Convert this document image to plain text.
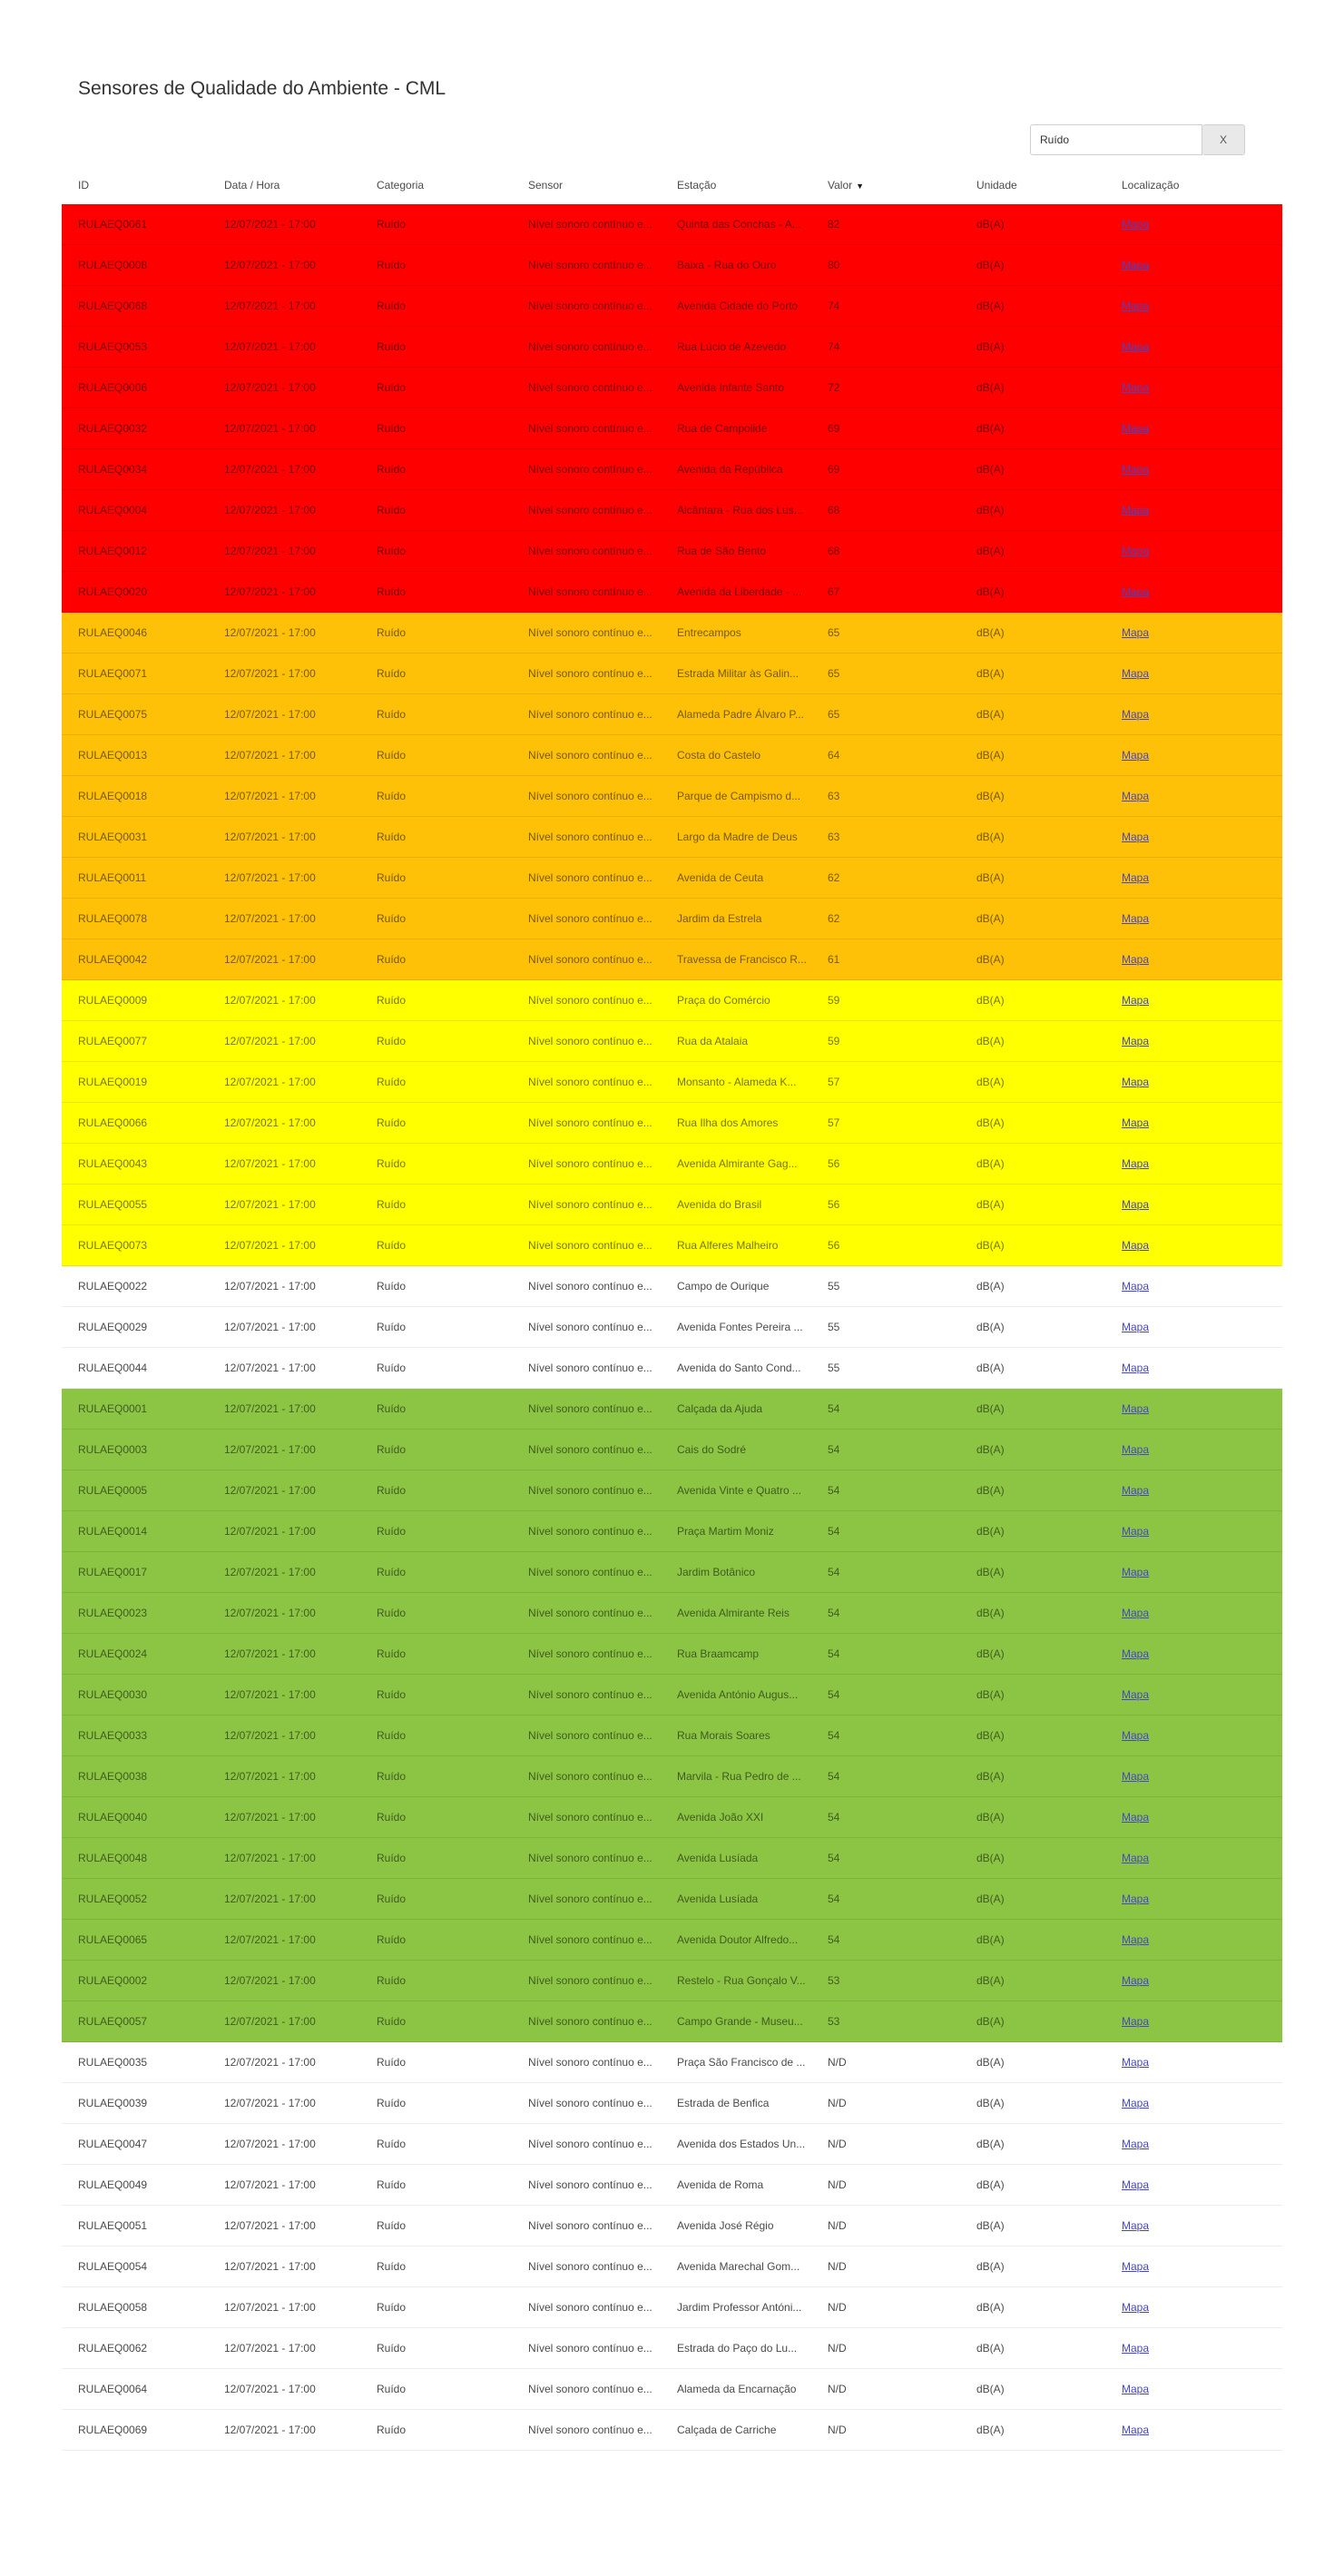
Sensores de Qualidade do Ambiente - CML
Ruído
X
ID	Data / Hora	Categoria	Sensor	Estação	Valor ▼	Unidade	Localização
RULAEQ0061	12/07/2021 - 17:00	Ruído	Nível sonoro contínuo e...	Quinta das Conchas - A...	82	dB(A)	Mapa
RULAEQ0008	12/07/2021 - 17:00	Ruído	Nível sonoro contínuo e...	Baixa - Rua do Ouro	80	dB(A)	Mapa
RULAEQ0068	12/07/2021 - 17:00	Ruído	Nível sonoro contínuo e...	Avenida Cidade do Porto	74	dB(A)	Mapa
RULAEQ0053	12/07/2021 - 17:00	Ruído	Nível sonoro contínuo e...	Rua Lúcio de Azevedo	74	dB(A)	Mapa
RULAEQ0006	12/07/2021 - 17:00	Ruído	Nível sonoro contínuo e...	Avenida Infante Santo	72	dB(A)	Mapa
RULAEQ0032	12/07/2021 - 17:00	Ruído	Nível sonoro contínuo e...	Rua de Campolide	69	dB(A)	Mapa
RULAEQ0034	12/07/2021 - 17:00	Ruído	Nível sonoro contínuo e...	Avenida da República	69	dB(A)	Mapa
RULAEQ0004	12/07/2021 - 17:00	Ruído	Nível sonoro contínuo e...	Alcântara - Rua dos Lus...	68	dB(A)	Mapa
RULAEQ0012	12/07/2021 - 17:00	Ruído	Nível sonoro contínuo e...	Rua de São Bento	68	dB(A)	Mapa
RULAEQ0020	12/07/2021 - 17:00	Ruído	Nível sonoro contínuo e...	Avenida da Liberdade - ...	67	dB(A)	Mapa
RULAEQ0046	12/07/2021 - 17:00	Ruído	Nível sonoro contínuo e...	Entrecampos	65	dB(A)	Mapa
RULAEQ0071	12/07/2021 - 17:00	Ruído	Nível sonoro contínuo e...	Estrada Militar às Galin...	65	dB(A)	Mapa
RULAEQ0075	12/07/2021 - 17:00	Ruído	Nível sonoro contínuo e...	Alameda Padre Álvaro P...	65	dB(A)	Mapa
RULAEQ0013	12/07/2021 - 17:00	Ruído	Nível sonoro contínuo e...	Costa do Castelo	64	dB(A)	Mapa
RULAEQ0018	12/07/2021 - 17:00	Ruído	Nível sonoro contínuo e...	Parque de Campismo d...	63	dB(A)	Mapa
RULAEQ0031	12/07/2021 - 17:00	Ruído	Nível sonoro contínuo e...	Largo da Madre de Deus	63	dB(A)	Mapa
RULAEQ0011	12/07/2021 - 17:00	Ruído	Nível sonoro contínuo e...	Avenida de Ceuta	62	dB(A)	Mapa
RULAEQ0078	12/07/2021 - 17:00	Ruído	Nível sonoro contínuo e...	Jardim da Estrela	62	dB(A)	Mapa
RULAEQ0042	12/07/2021 - 17:00	Ruído	Nível sonoro contínuo e...	Travessa de Francisco R...	61	dB(A)	Mapa
RULAEQ0009	12/07/2021 - 17:00	Ruído	Nível sonoro contínuo e...	Praça do Comércio	59	dB(A)	Mapa
RULAEQ0077	12/07/2021 - 17:00	Ruído	Nível sonoro contínuo e...	Rua da Atalaia	59	dB(A)	Mapa
RULAEQ0019	12/07/2021 - 17:00	Ruído	Nível sonoro contínuo e...	Monsanto - Alameda K...	57	dB(A)	Mapa
RULAEQ0066	12/07/2021 - 17:00	Ruído	Nível sonoro contínuo e...	Rua Ilha dos Amores	57	dB(A)	Mapa
RULAEQ0043	12/07/2021 - 17:00	Ruído	Nível sonoro contínuo e...	Avenida Almirante Gag...	56	dB(A)	Mapa
RULAEQ0055	12/07/2021 - 17:00	Ruído	Nível sonoro contínuo e...	Avenida do Brasil	56	dB(A)	Mapa
RULAEQ0073	12/07/2021 - 17:00	Ruído	Nível sonoro contínuo e...	Rua Alferes Malheiro	56	dB(A)	Mapa
RULAEQ0022	12/07/2021 - 17:00	Ruído	Nível sonoro contínuo e...	Campo de Ourique	55	dB(A)	Mapa
RULAEQ0029	12/07/2021 - 17:00	Ruído	Nível sonoro contínuo e...	Avenida Fontes Pereira ...	55	dB(A)	Mapa
RULAEQ0044	12/07/2021 - 17:00	Ruído	Nível sonoro contínuo e...	Avenida do Santo Cond...	55	dB(A)	Mapa
RULAEQ0001	12/07/2021 - 17:00	Ruído	Nível sonoro contínuo e...	Calçada da Ajuda	54	dB(A)	Mapa
RULAEQ0003	12/07/2021 - 17:00	Ruído	Nível sonoro contínuo e...	Cais do Sodré	54	dB(A)	Mapa
RULAEQ0005	12/07/2021 - 17:00	Ruído	Nível sonoro contínuo e...	Avenida Vinte e Quatro ...	54	dB(A)	Mapa
RULAEQ0014	12/07/2021 - 17:00	Ruído	Nível sonoro contínuo e...	Praça Martim Moniz	54	dB(A)	Mapa
RULAEQ0017	12/07/2021 - 17:00	Ruído	Nível sonoro contínuo e...	Jardim Botânico	54	dB(A)	Mapa
RULAEQ0023	12/07/2021 - 17:00	Ruído	Nível sonoro contínuo e...	Avenida Almirante Reis	54	dB(A)	Mapa
RULAEQ0024	12/07/2021 - 17:00	Ruído	Nível sonoro contínuo e...	Rua Braamcamp	54	dB(A)	Mapa
RULAEQ0030	12/07/2021 - 17:00	Ruído	Nível sonoro contínuo e...	Avenida António Augus...	54	dB(A)	Mapa
RULAEQ0033	12/07/2021 - 17:00	Ruído	Nível sonoro contínuo e...	Rua Morais Soares	54	dB(A)	Mapa
RULAEQ0038	12/07/2021 - 17:00	Ruído	Nível sonoro contínuo e...	Marvila - Rua Pedro de ...	54	dB(A)	Mapa
RULAEQ0040	12/07/2021 - 17:00	Ruído	Nível sonoro contínuo e...	Avenida João XXI	54	dB(A)	Mapa
RULAEQ0048	12/07/2021 - 17:00	Ruído	Nível sonoro contínuo e...	Avenida Lusíada	54	dB(A)	Mapa
RULAEQ0052	12/07/2021 - 17:00	Ruído	Nível sonoro contínuo e...	Avenida Lusíada	54	dB(A)	Mapa
RULAEQ0065	12/07/2021 - 17:00	Ruído	Nível sonoro contínuo e...	Avenida Doutor Alfredo...	54	dB(A)	Mapa
RULAEQ0002	12/07/2021 - 17:00	Ruído	Nível sonoro contínuo e...	Restelo - Rua Gonçalo V...	53	dB(A)	Mapa
RULAEQ0057	12/07/2021 - 17:00	Ruído	Nível sonoro contínuo e...	Campo Grande - Museu...	53	dB(A)	Mapa
RULAEQ0035	12/07/2021 - 17:00	Ruído	Nível sonoro contínuo e...	Praça São Francisco de ...	N/D	dB(A)	Mapa
RULAEQ0039	12/07/2021 - 17:00	Ruído	Nível sonoro contínuo e...	Estrada de Benfica	N/D	dB(A)	Mapa
RULAEQ0047	12/07/2021 - 17:00	Ruído	Nível sonoro contínuo e...	Avenida dos Estados Un...	N/D	dB(A)	Mapa
RULAEQ0049	12/07/2021 - 17:00	Ruído	Nível sonoro contínuo e...	Avenida de Roma	N/D	dB(A)	Mapa
RULAEQ0051	12/07/2021 - 17:00	Ruído	Nível sonoro contínuo e...	Avenida José Régio	N/D	dB(A)	Mapa
RULAEQ0054	12/07/2021 - 17:00	Ruído	Nível sonoro contínuo e...	Avenida Marechal Gom...	N/D	dB(A)	Mapa
RULAEQ0058	12/07/2021 - 17:00	Ruído	Nível sonoro contínuo e...	Jardim Professor Antóni...	N/D	dB(A)	Mapa
RULAEQ0062	12/07/2021 - 17:00	Ruído	Nível sonoro contínuo e...	Estrada do Paço do Lu...	N/D	dB(A)	Mapa
RULAEQ0064	12/07/2021 - 17:00	Ruído	Nível sonoro contínuo e...	Alameda da Encarnação	N/D	dB(A)	Mapa
RULAEQ0069	12/07/2021 - 17:00	Ruído	Nível sonoro contínuo e...	Calçada de Carriche	N/D	dB(A)	Mapa
